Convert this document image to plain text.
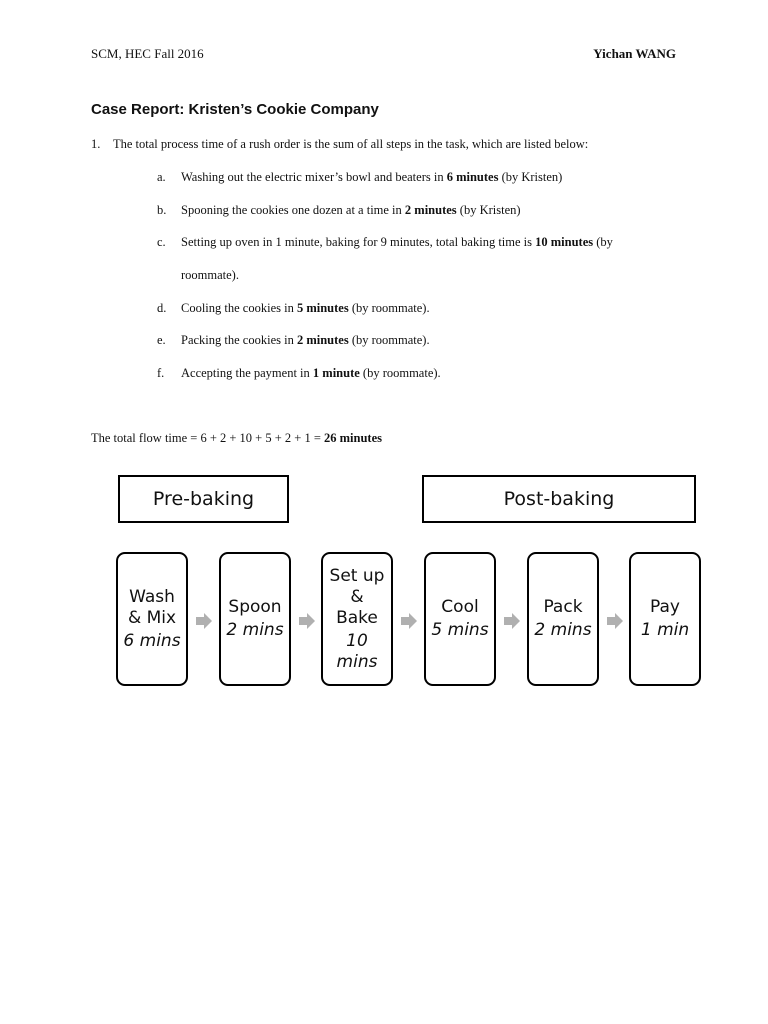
SCM, HEC Fall 2016	Yichan WANG
Case Report: Kristen’s Cookie Company
1. The total process time of a rush order is the sum of all steps in the task, which are listed below:
a. Washing out the electric mixer’s bowl and beaters in 6 minutes (by Kristen)
b. Spooning the cookies one dozen at a time in 2 minutes (by Kristen)
c. Setting up oven in 1 minute, baking for 9 minutes, total baking time is 10 minutes (by
roommate).
d. Cooling the cookies in 5 minutes (by roommate).
e. Packing the cookies in 2 minutes (by roommate).
f. Accepting the payment in 1 minute (by roommate).
The total flow time = 6 + 2 + 10 + 5 + 2 + 1 = 26 minutes
Pre-baking	Post-baking
Wash
& Mix
6 mins
Spoon
2 mins
Set up
&
Bake
10
mins
Cool
5 mins
Pack
2 mins
Pay
1 min
